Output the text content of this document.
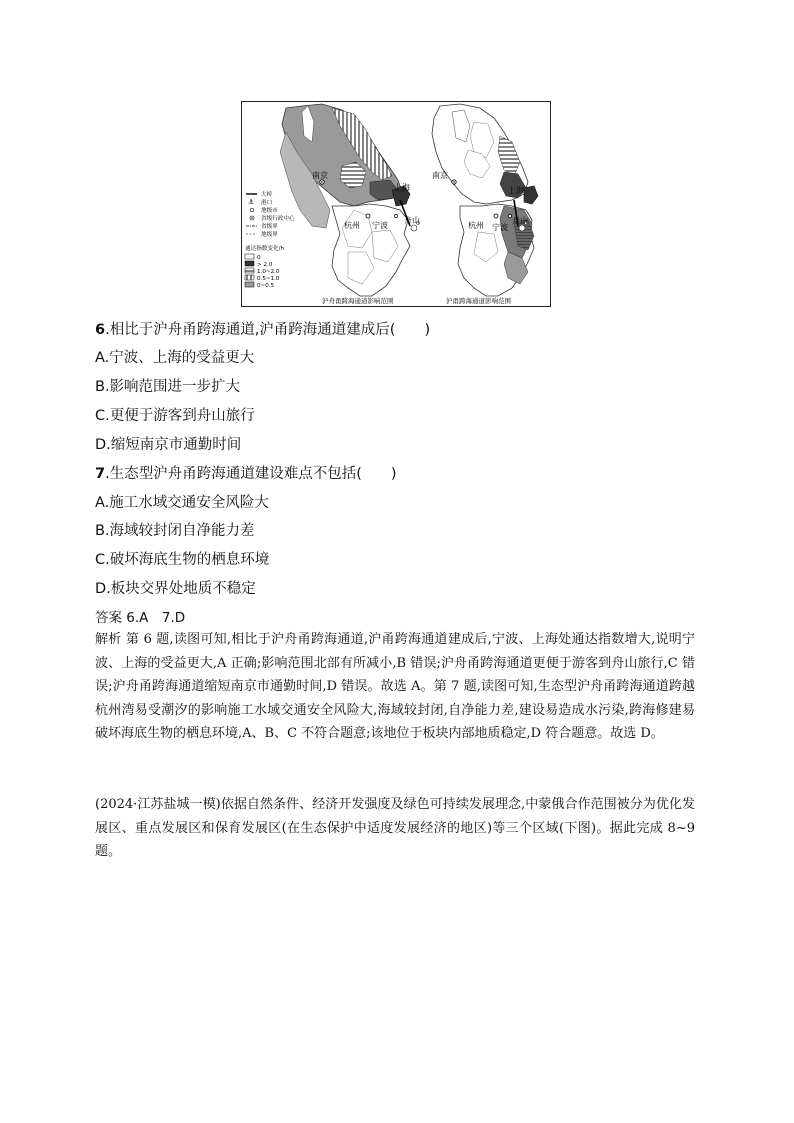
南京
上海
杭州 宁波
舟山
沪舟甬跨海通道影响范围
大桥
⚓ 港口
地级市
省级行政中心
省级界
地级界
通达指数变化/h
0
> 2.0
1.0~2.0
0.5~1.0
0~0.5
南京
上海
杭州 宁波
舟山
沪甬跨海通道影响范围
6.相比于沪舟甬跨海通道,沪甬跨海通道建成后(　　)
A.宁波、上海的受益更大
B.影响范围进一步扩大
C.更便于游客到舟山旅行
D.缩短南京市通勤时间
7.生态型沪舟甬跨海通道建设难点不包括(　　)
A.施工水域交通安全风险大
B.海域较封闭自净能力差
C.破坏海底生物的栖息环境
D.板块交界处地质不稳定
答案 6.A　7.D
解析 第 6 题,读图可知,相比于沪舟甬跨海通道,沪甬跨海通道建成后,宁波、上海处通达指数增大,说明宁波、上海的受益更大,A 正确;影响范围北部有所减小,B 错误;沪舟甬跨海通道更便于游客到舟山旅行,C 错误;沪舟甬跨海通道缩短南京市通勤时间,D 错误。故选 A。第 7 题,读图可知,生态型沪舟甬跨海通道跨越杭州湾易受潮汐的影响施工水域交通安全风险大,海域较封闭,自净能力差,建设易造成水污染,跨海修建易破坏海底生物的栖息环境,A、B、C 不符合题意;该地位于板块内部地质稳定,D 符合题意。故选 D。
(2024·江苏盐城一模)依据自然条件、经济开发强度及绿色可持续发展理念,中蒙俄合作范围被分为优化发展区、重点发展区和保育发展区(在生态保护中适度发展经济的地区)等三个区域(下图)。据此完成 8~9 题。
